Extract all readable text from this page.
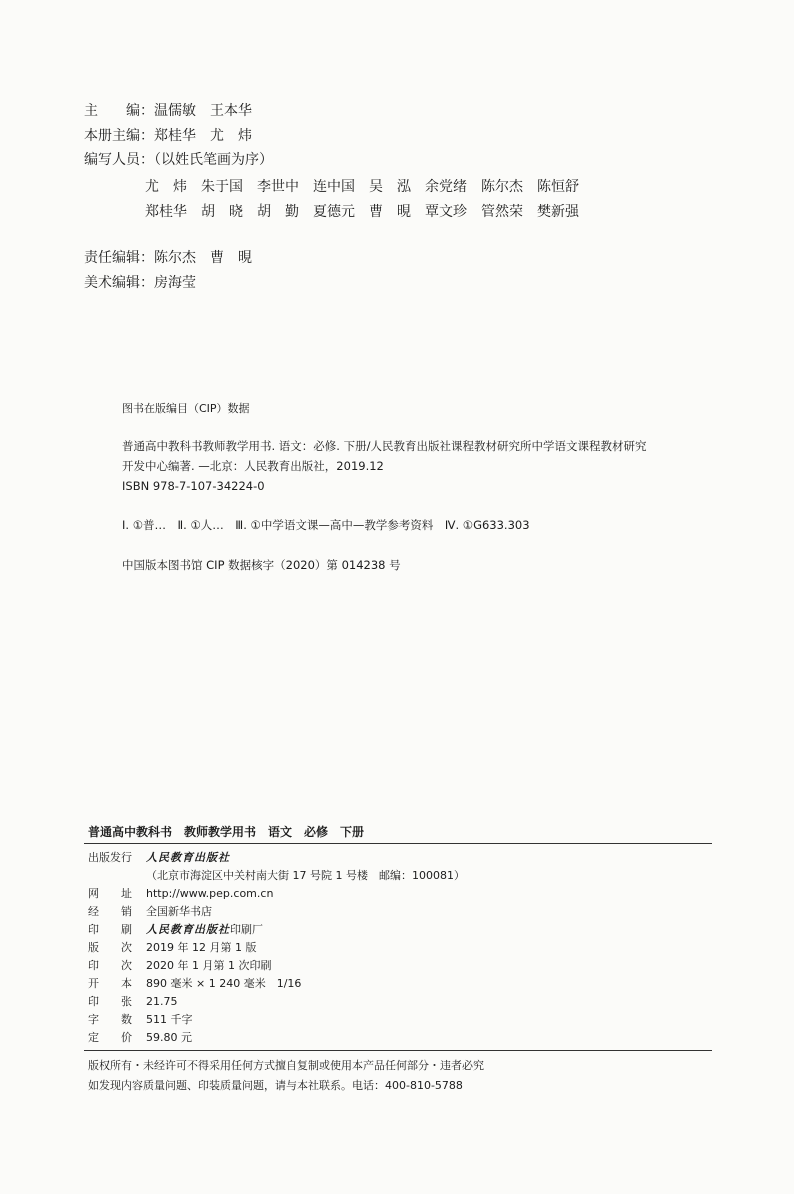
主　　编：温儒敏　王本华
本册主编：郑桂华　尤　炜
编写人员：（以姓氏笔画为序）
尤　炜 朱于国 李世中 连中国 吴　泓 余党绪 陈尔杰 陈恒舒
郑桂华 胡　晓 胡　勤 夏德元 曹　晛 覃文珍 管然荣 樊新强
责任编辑：陈尔杰　曹　晛
美术编辑：房海莹
图书在版编目（CIP）数据
普通高中教科书教师教学用书. 语文：必修. 下册/人民教育出版社课程教材研究所中学语文课程教材研究
开发中心编著. —北京：人民教育出版社，2019.12
ISBN 978-7-107-34224-0
Ⅰ. ①普…　Ⅱ. ①人…　Ⅲ. ①中学语文课—高中—教学参考资料　Ⅳ. ①G633.303
中国版本图书馆 CIP 数据核字（2020）第 014238 号
普通高中教科书　教师教学用书　语文　必修　下册
出版发行 人民教育出版社
（北京市海淀区中关村南大街 17 号院 1 号楼　邮编：100081）
网　　址 http://www.pep.com.cn
经　　销 全国新华书店
印　　刷 人民教育出版社印刷厂
版　　次 2019 年 12 月第 1 版
印　　次 2020 年 1 月第 1 次印刷
开　　本 890 毫米 × 1 240 毫米　1/16
印　　张 21.75
字　　数 511 千字
定　　价 59.80 元
版权所有・未经许可不得采用任何方式擅自复制或使用本产品任何部分・违者必究
如发现内容质量问题、印装质量问题，请与本社联系。电话：400-810-5788
